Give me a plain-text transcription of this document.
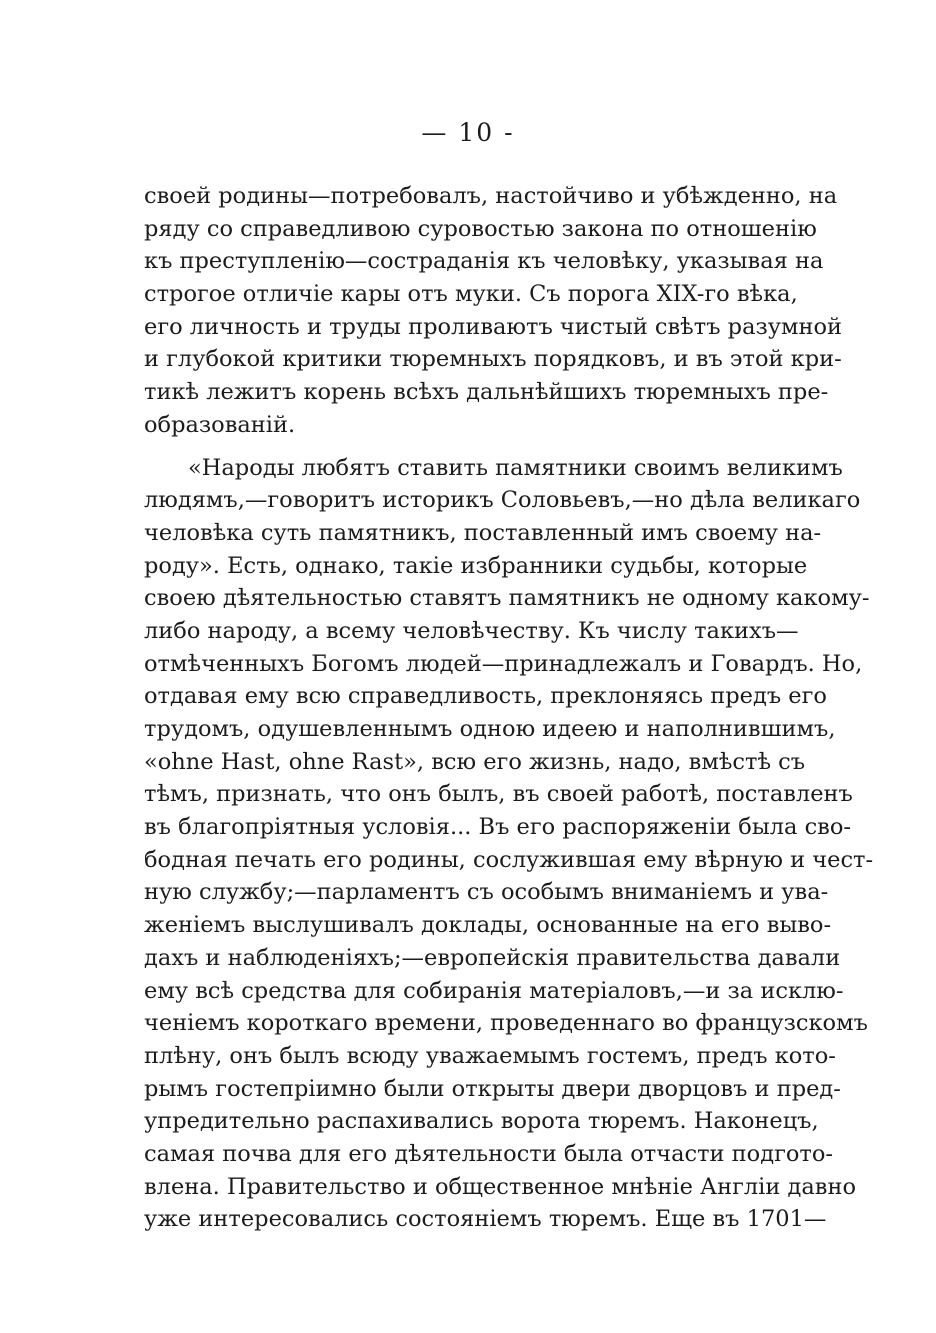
— 10 -
своей родины—потребовалъ, настойчиво и убѣжденно, на
ряду со справедливою суровостью закона по отношенію
къ преступленію—состраданія къ человѣку, указывая на
строгое отличіе кары отъ муки. Съ порога XIX-го вѣка,
его личность и труды проливаютъ чистый свѣтъ разумной
и глубокой критики тюремныхъ порядковъ, и въ этой кри-
тикѣ лежитъ корень всѣхъ дальнѣйшихъ тюремныхъ пре-
образованій.
«Народы любятъ ставить памятники своимъ великимъ
людямъ,—говоритъ историкъ Соловьевъ,—но дѣла великаго
человѣка суть памятникъ, поставленный имъ своему на-
роду». Есть, однако, такіе избранники судьбы, которые
своею дѣятельностью ставятъ памятникъ не одному какому-
либо народу, а всему человѣчеству. Къ числу такихъ—
отмѣченныхъ Богомъ людей—принадлежалъ и Говардъ. Но,
отдавая ему всю справедливость, преклоняясь предъ его
трудомъ, одушевленнымъ одною идеею и наполнившимъ,
«ohne Hast, ohne Rast», всю его жизнь, надо, вмѣстѣ съ
тѣмъ, признать, что онъ былъ, въ своей работѣ, поставленъ
въ благопріятныя условія... Въ его распоряженіи была сво-
бодная печать его родины, сослужившая ему вѣрную и чест-
ную службу;—парламентъ съ особымъ вниманіемъ и ува-
женіемъ выслушивалъ доклады, основанные на его выво-
дахъ и наблюденіяхъ;—европейскія правительства давали
ему всѣ средства для собиранія матеріаловъ,—и за исклю-
ченіемъ короткаго времени, проведеннаго во французскомъ
плѣну, онъ былъ всюду уважаемымъ гостемъ, предъ кото-
рымъ гостепріимно были открыты двери дворцовъ и пред-
упредительно распахивались ворота тюремъ. Наконецъ,
самая почва для его дѣятельности была отчасти подгото-
влена. Правительство и общественное мнѣніе Англіи давно
уже интересовались состояніемъ тюремъ. Еще въ 1701—
